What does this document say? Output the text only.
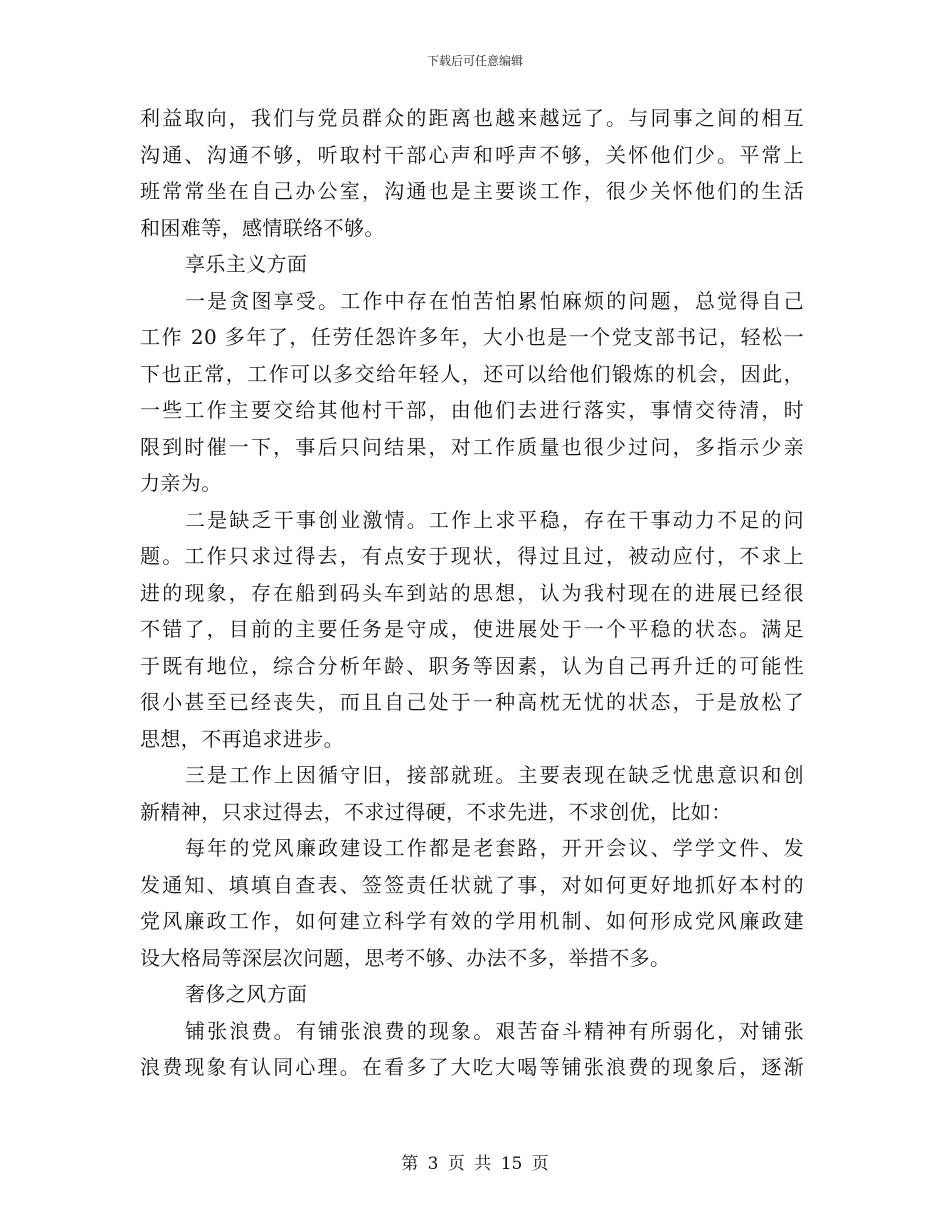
下载后可任意编辑
利益取向，我们与党员群众的距离也越来越远了。与同事之间的相互
沟通、沟通不够，听取村干部心声和呼声不够，关怀他们少。平常上
班常常坐在自己办公室，沟通也是主要谈工作，很少关怀他们的生活
和困难等，感情联络不够。
享乐主义方面
一是贪图享受。工作中存在怕苦怕累怕麻烦的问题，总觉得自己
工作 20 多年了，任劳任怨许多年，大小也是一个党支部书记，轻松一
下也正常，工作可以多交给年轻人，还可以给他们锻炼的机会，因此，
一些工作主要交给其他村干部，由他们去进行落实，事情交待清，时
限到时催一下，事后只问结果，对工作质量也很少过问，多指示少亲
力亲为。
二是缺乏干事创业激情。工作上求平稳，存在干事动力不足的问
题。工作只求过得去，有点安于现状，得过且过，被动应付，不求上
进的现象，存在船到码头车到站的思想，认为我村现在的进展已经很
不错了，目前的主要任务是守成，使进展处于一个平稳的状态。满足
于既有地位，综合分析年龄、职务等因素，认为自己再升迁的可能性
很小甚至已经丧失，而且自己处于一种高枕无忧的状态，于是放松了
思想，不再追求进步。
三是工作上因循守旧，接部就班。主要表现在缺乏忧患意识和创
新精神，只求过得去，不求过得硬，不求先进，不求创优，比如：
每年的党风廉政建设工作都是老套路，开开会议、学学文件、发
发通知、填填自查表、签签责任状就了事，对如何更好地抓好本村的
党风廉政工作，如何建立科学有效的学用机制、如何形成党风廉政建
设大格局等深层次问题，思考不够、办法不多，举措不多。
奢侈之风方面
铺张浪费。有铺张浪费的现象。艰苦奋斗精神有所弱化，对铺张
浪费现象有认同心理。在看多了大吃大喝等铺张浪费的现象后，逐渐
第 3 页 共 15 页
